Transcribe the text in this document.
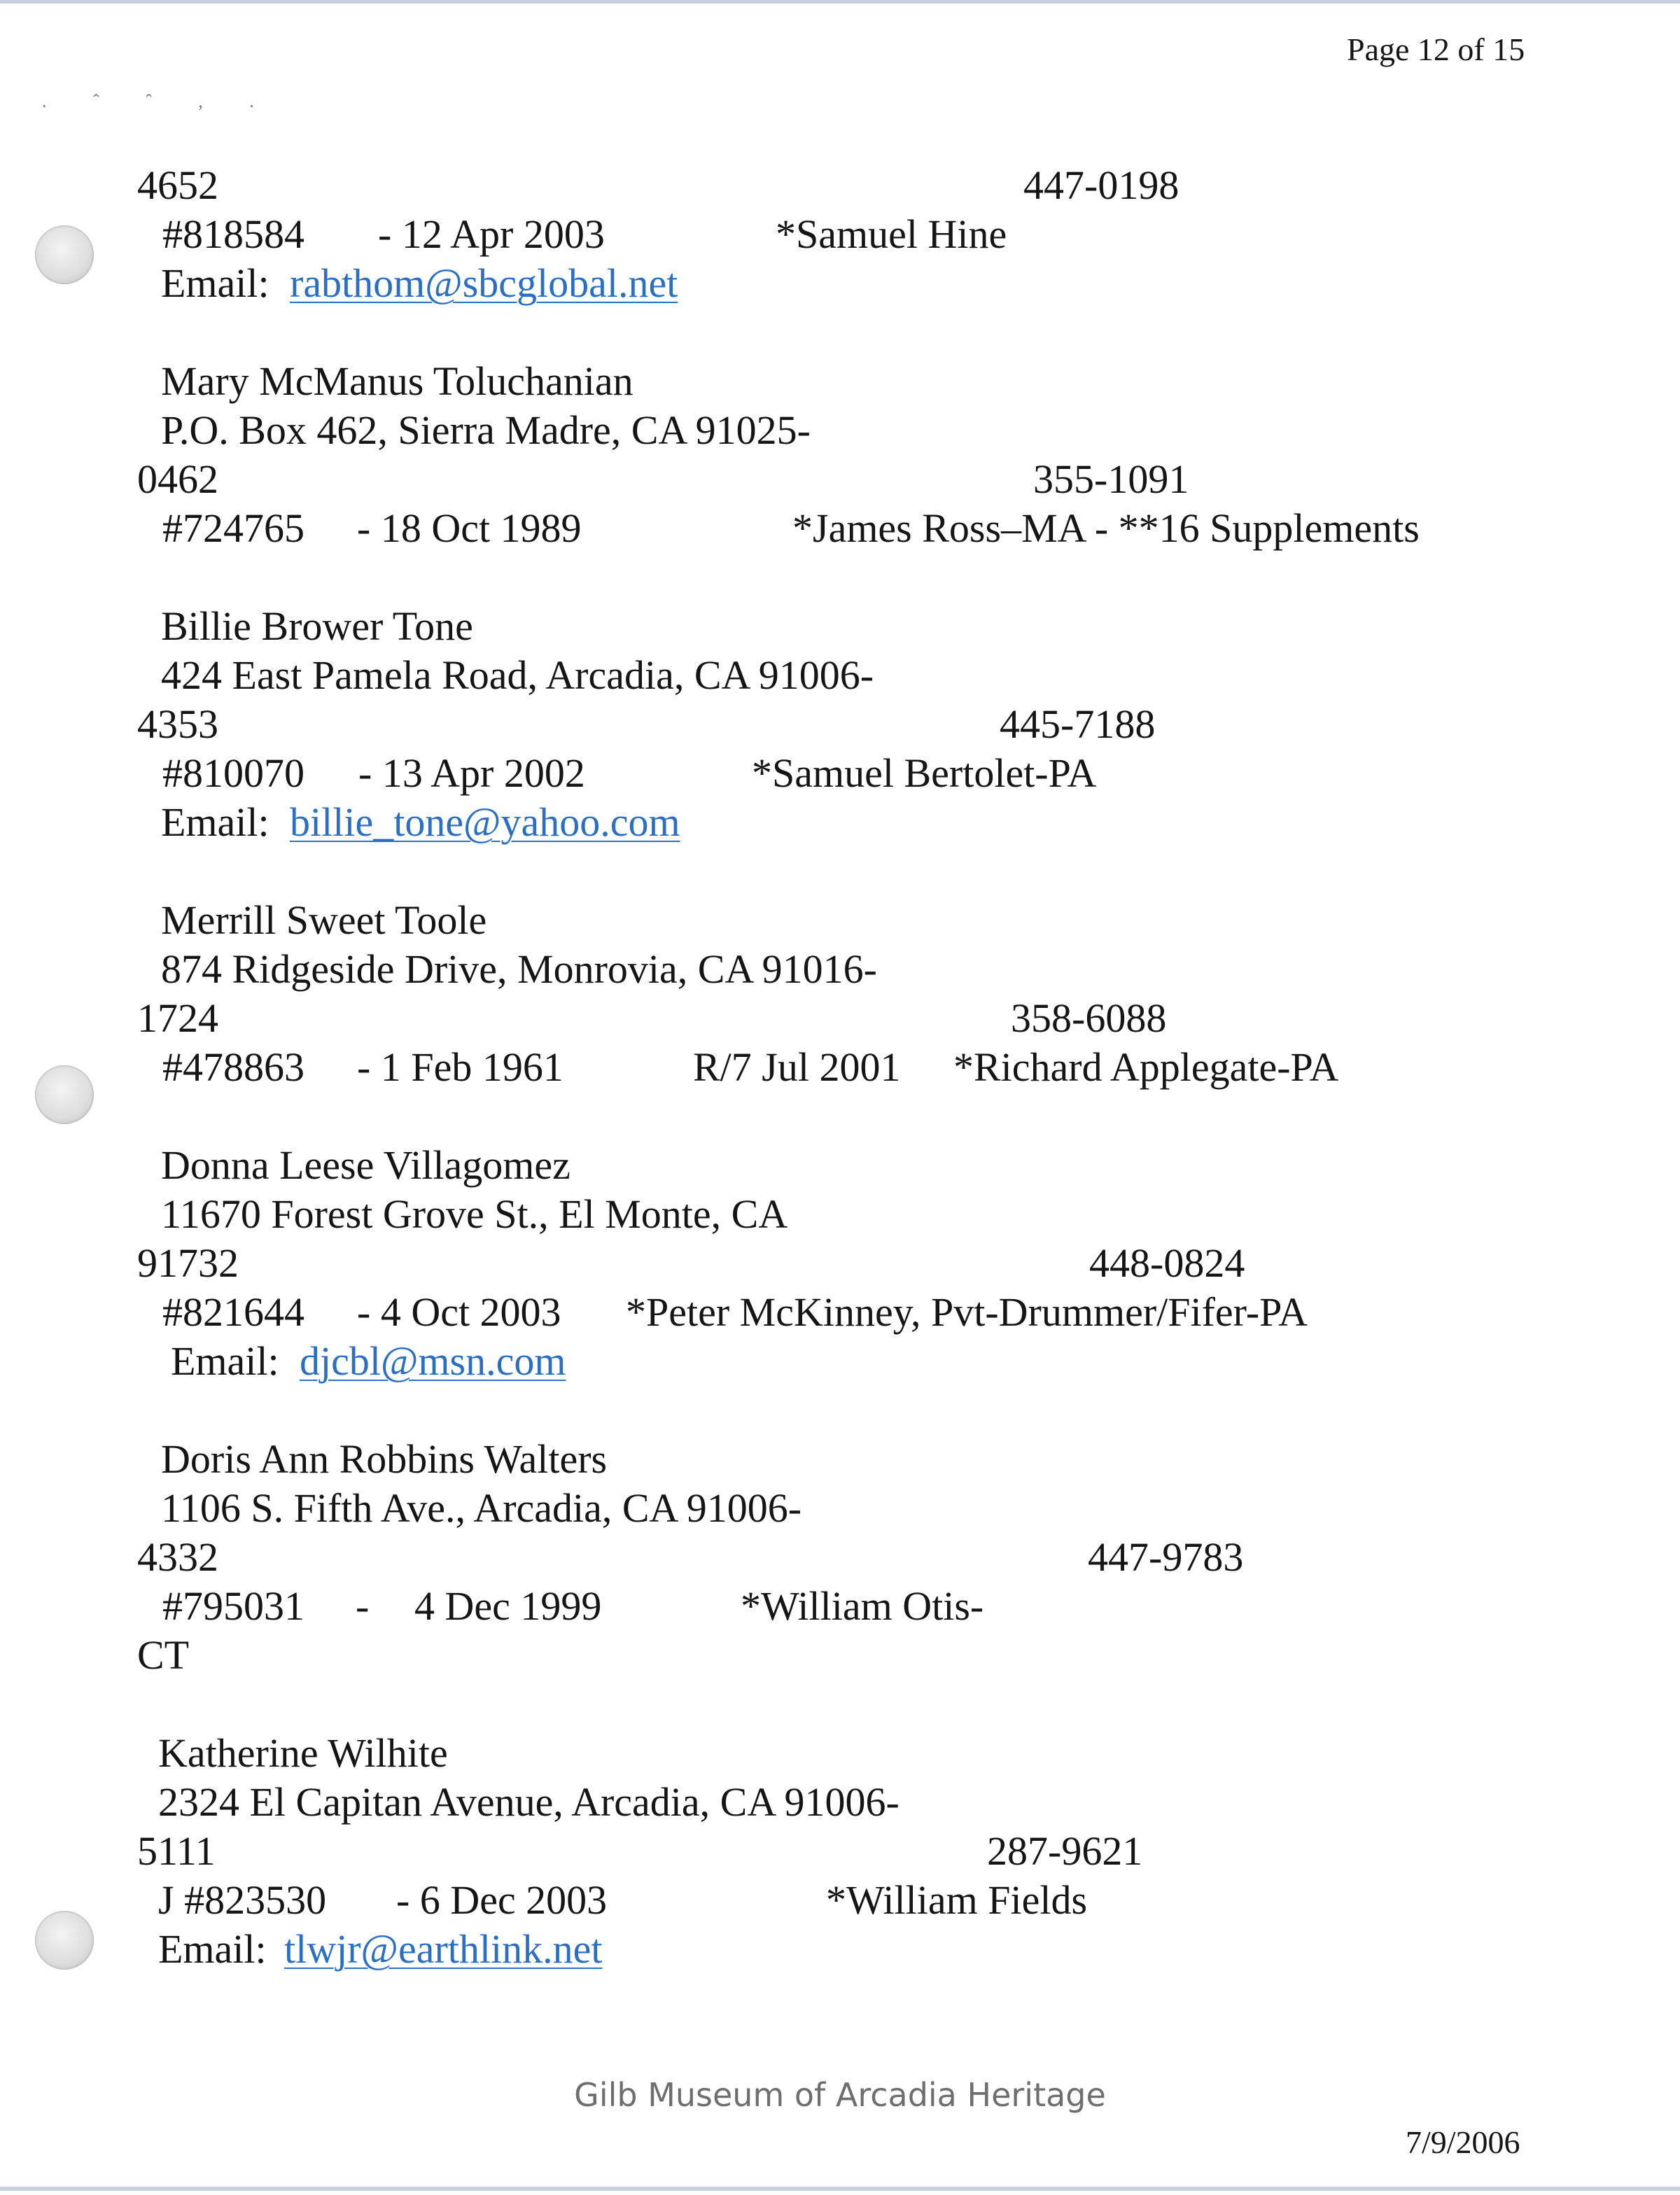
Page 12 of 15
. ˆ ˆ , .
4652	447-0198
#818584 - 12 Apr 2003	*Samuel Hine
Email: rabthom@sbcglobal.net
Mary McManus Toluchanian
P.O. Box 462, Sierra Madre, CA 91025-
0462	355-1091
#724765 - 18 Oct 1989	*James Ross–MA - **16 Supplements
Billie Brower Tone
424 East Pamela Road, Arcadia, CA 91006-
4353	445-7188
#810070 - 13 Apr 2002	*Samuel Bertolet-PA
Email: billie_tone@yahoo.com
Merrill Sweet Toole
874 Ridgeside Drive, Monrovia, CA 91016-
1724	358-6088
#478863 - 1 Feb 1961	R/7 Jul 2001 *Richard Applegate-PA
Donna Leese Villagomez
11670 Forest Grove St., El Monte, CA
91732	448-0824
#821644 - 4 Oct 2003 *Peter McKinney, Pvt-Drummer/Fifer-PA
Email: djcbl@msn.com
Doris Ann Robbins Walters
1106 S. Fifth Ave., Arcadia, CA 91006-
4332	447-9783
#795031 - 4 Dec 1999	*William Otis-
CT
Katherine Wilhite
2324 El Capitan Avenue, Arcadia, CA 91006-
5111	287-9621
J #823530 - 6 Dec 2003	*William Fields
Email: tlwjr@earthlink.net
Gilb Museum of Arcadia Heritage
7/9/2006
